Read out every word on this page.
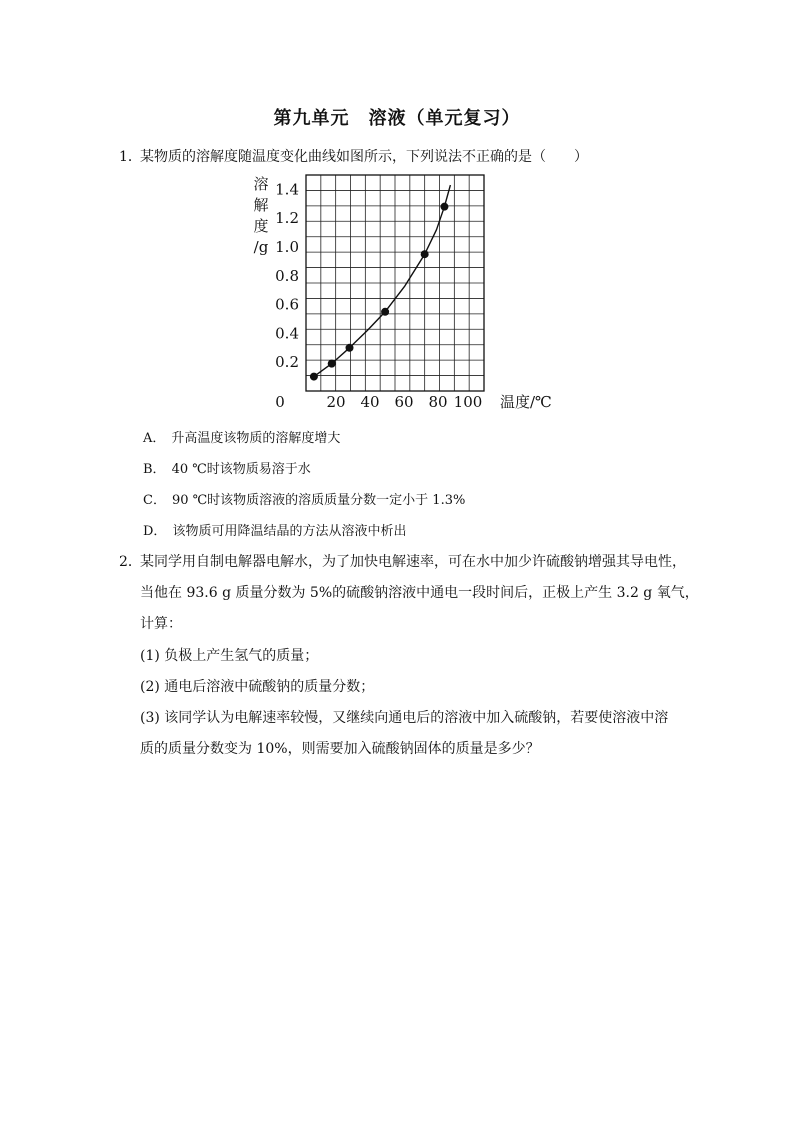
第九单元　溶液（单元复习）
1．
某物质的溶解度随温度变化曲线如图所示，下列说法不正确的是（　　）
0	20 40 60 80 100
0.2
0.4
0.6
0.8
1.0
1.2
1.4
溶
解
度
/g
温度/℃
A． 升高温度该物质的溶解度增大
B． 40 ℃时该物质易溶于水
C． 90 ℃时该物质溶液的溶质质量分数一定小于 1.3%
D． 该物质可用降温结晶的方法从溶液中析出
2．
某同学用自制电解器电解水，为了加快电解速率，可在水中加少许硫酸钠增强其导电性，
当他在 93.6 g 质量分数为 5%的硫酸钠溶液中通电一段时间后，正极上产生 3.2 g 氧气，
计算：
(1) 负极上产生氢气的质量；
(2) 通电后溶液中硫酸钠的质量分数；
(3) 该同学认为电解速率较慢，又继续向通电后的溶液中加入硫酸钠，若要使溶液中溶
质的质量分数变为 10%，则需要加入硫酸钠固体的质量是多少？
